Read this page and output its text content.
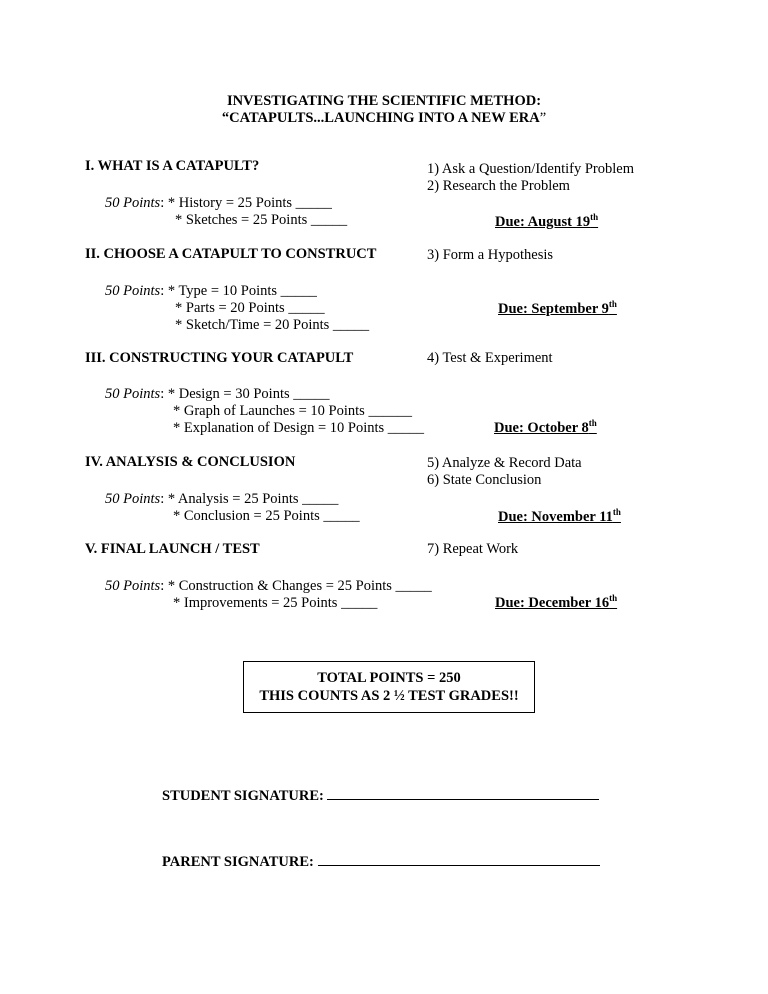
INVESTIGATING THE SCIENTIFIC METHOD:
“CATAPULTS...LAUNCHING INTO A NEW ERA”
I. WHAT IS A CATAPULT?
50 Points: * History = 25 Points _____
* Sketches = 25 Points _____
1) Ask a Question/Identify Problem
2) Research the Problem
Due: August 19th
II. CHOOSE A CATAPULT TO CONSTRUCT	3) Form a Hypothesis
50 Points: * Type = 10 Points _____
* Parts = 20 Points _____
* Sketch/Time = 20 Points _____
Due: September 9th
III. CONSTRUCTING YOUR CATAPULT	4) Test & Experiment
50 Points: * Design = 30 Points _____
* Graph of Launches = 10 Points ______
* Explanation of Design = 10 Points _____	Due: October 8th
IV. ANALYSIS & CONCLUSION	5) Analyze & Record Data
6) State Conclusion
50 Points: * Analysis = 25 Points _____
* Conclusion = 25 Points _____	Due: November 11th
V. FINAL LAUNCH / TEST	7) Repeat Work
50 Points: * Construction & Changes = 25 Points _____
* Improvements = 25 Points _____	Due: December 16th
TOTAL POINTS = 250
THIS COUNTS AS 2 ½ TEST GRADES!!
STUDENT SIGNATURE:
PARENT SIGNATURE:
